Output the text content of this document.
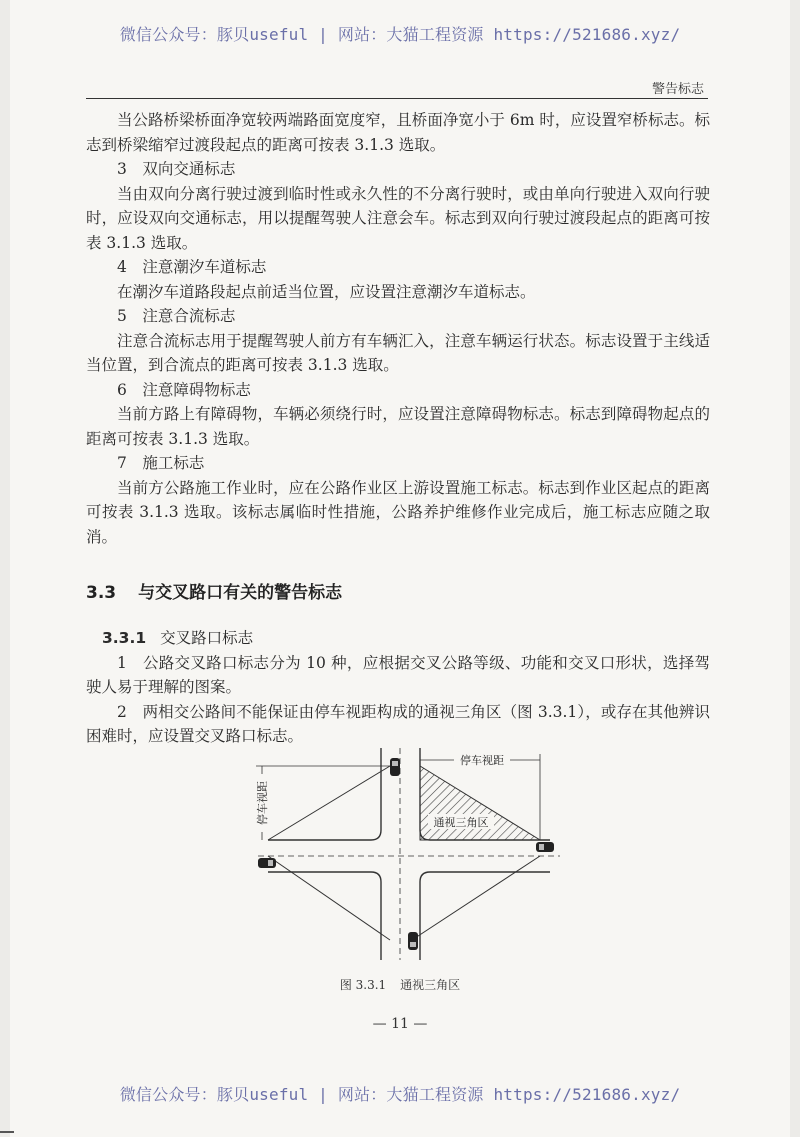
微信公众号：豚贝useful | 网站：大猫工程资源 https://521686.xyz/
警告标志

当公路桥梁桥面净宽较两端路面宽度窄，且桥面净宽小于 6m 时，应设置窄桥标志。标志到桥梁缩窄过渡段起点的距离可按表 3.1.3 选取。

3　双向交通标志

当由双向分离行驶过渡到临时性或永久性的不分离行驶时，或由单向行驶进入双向行驶时，应设双向交通标志，用以提醒驾驶人注意会车。标志到双向行驶过渡段起点的距离可按表 3.1.3 选取。

4　注意潮汐车道标志

在潮汐车道路段起点前适当位置，应设置注意潮汐车道标志。

5　注意合流标志

注意合流标志用于提醒驾驶人前方有车辆汇入，注意车辆运行状态。标志设置于主线适当位置，到合流点的距离可按表 3.1.3 选取。

6　注意障碍物标志

当前方路上有障碍物，车辆必须绕行时，应设置注意障碍物标志。标志到障碍物起点的距离可按表 3.1.3 选取。

7　施工标志

当前方公路施工作业时，应在公路作业区上游设置施工标志。标志到作业区起点的距离可按表 3.1.3 选取。该标志属临时性措施，公路养护维修作业完成后，施工标志应随之取消。

3.3 与交叉路口有关的警告标志

3.3.1 交叉路口标志

1　公路交叉路口标志分为 10 种，应根据交叉公路等级、功能和交叉口形状，选择驾驶人易于理解的图案。

2　两相交公路间不能保证由停车视距构成的通视三角区（图 3.3.1），或存在其他辨识困难时，应设置交叉路口标志。

停车视距
停车视距	通视三角区
图 3.3.1 通视三角区
— 11 —
微信公众号：豚贝useful | 网站：大猫工程资源 https://521686.xyz/
